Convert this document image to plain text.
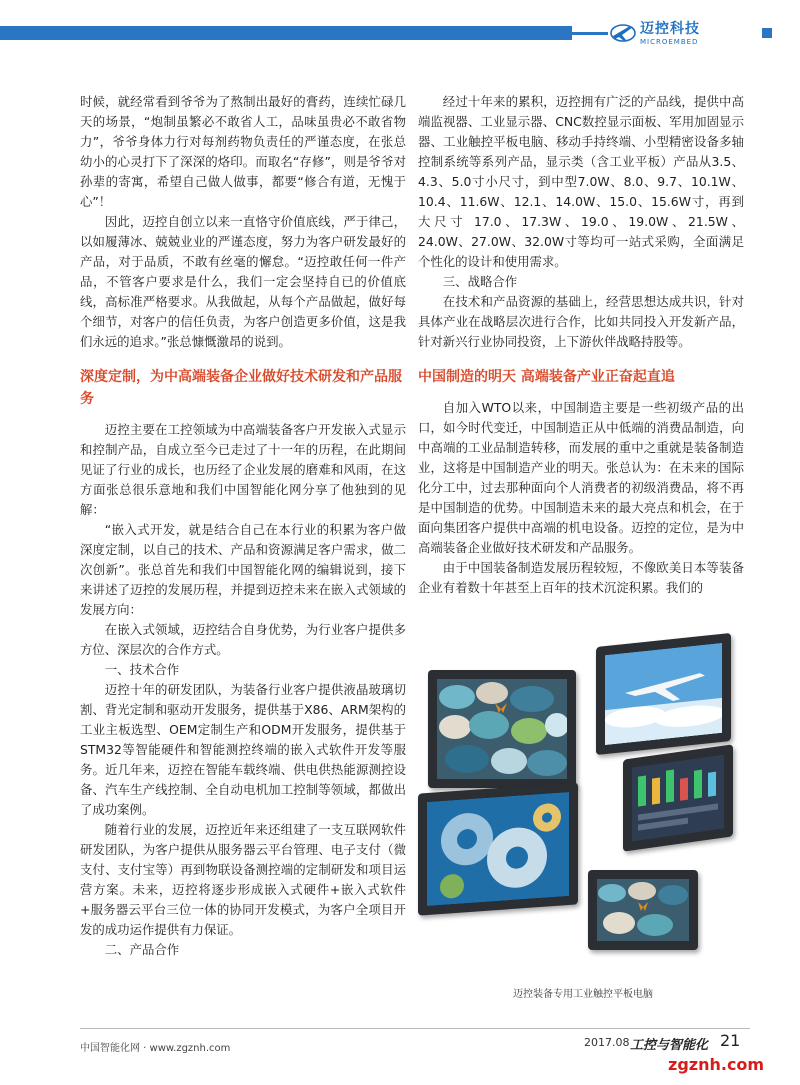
迈控科技
MICROEMBED

时候，就经常看到爷爷为了熬制出最好的膏药，连续忙碌几天的场景，“炮制虽繁必不敢省人工，品味虽贵必不敢省物力”，爷爷身体力行对每剂药物负责任的严谨态度，在张总幼小的心灵打下了深深的烙印。而取名“存修”，则是爷爷对孙辈的寄寓，希望自己做人做事，都要“修合有道，无愧于心”！

因此，迈控自创立以来一直恪守价值底线，严于律己，以如履薄冰、兢兢业业的严谨态度，努力为客户研发最好的产品，对于品质，不敢有丝毫的懈怠。“迈控敢任何一件产品，不管客户要求是什么，我们一定会坚持自已的价值底线，高标准严格要求。从我做起，从每个产品做起，做好每个细节，对客户的信任负责，为客户创造更多价值，这是我们永远的追求。”张总慷慨激昂的说到。

深度定制，为中高端装备企业做好技术研发和产品服务

迈控主要在工控领域为中高端装备客户开发嵌入式显示和控制产品，自成立至今已走过了十一年的历程，在此期间见证了行业的成长，也历经了企业发展的磨难和风雨，在这方面张总很乐意地和我们中国智能化网分享了他独到的见解：

“嵌入式开发，就是结合自己在本行业的积累为客户做深度定制，以自己的技术、产品和资源满足客户需求，做二次创新”。张总首先和我们中国智能化网的编辑说到，接下来讲述了迈控的发展历程，并提到迈控未来在嵌入式领域的发展方向：

在嵌入式领域，迈控结合自身优势，为行业客户提供多方位、深层次的合作方式。

一、技术合作

迈控十年的研发团队，为装备行业客户提供液晶玻璃切割、背光定制和驱动开发服务，提供基于X86、ARM架构的工业主板选型、OEM定制生产和ODM开发服务，提供基于STM32等智能硬件和智能测控终端的嵌入式软件开发等服务。近几年来，迈控在智能车载终端、供电供热能源测控设备、汽车生产线控制、全自动电机加工控制等领域，都做出了成功案例。

随着行业的发展，迈控近年来还组建了一支互联网软件研发团队，为客户提供从服务器云平台管理、电子支付（微支付、支付宝等）再到物联设备测控端的定制研发和项目运营方案。未来，迈控将逐步形成嵌入式硬件+嵌入式软件+服务器云平台三位一体的协同开发模式，为客户全项目开发的成功运作提供有力保证。

二、产品合作

经过十年来的累积，迈控拥有广泛的产品线，提供中高端监视器、工业显示器、CNC数控显示面板、军用加固显示器、工业触控平板电脑、移动手持终端、小型精密设备多轴控制系统等系列产品，显示类（含工业平板）产品从3.5、4.3、5.0寸小尺寸，到中型7.0W、8.0、9.7、10.1W、10.4、11.6W、12.1、14.0W、15.0、15.6W寸，再到大尺寸 17.0、17.3W、19.0、19.0W、21.5W、24.0W、27.0W、32.0W寸等均可一站式采购，全面满足个性化的设计和使用需求。

三、战略合作

在技术和产品资源的基础上，经营思想达成共识，针对具体产业在战略层次进行合作，比如共同投入开发新产品，针对新兴行业协同投资，上下游伙伴战略持股等。

中国制造的明天 高端装备产业正奋起直追

自加入WTO以来，中国制造主要是一些初级产品的出口，如今时代变迁，中国制造正从中低端的消费品制造，向中高端的工业品制造转移，而发展的重中之重就是装备制造业，这将是中国制造产业的明天。张总认为：在未来的国际化分工中，过去那种面向个人消费者的初级消费品，将不再是中国制造的优势。中国制造未来的最大亮点和机会，在于面向集团客户提供中高端的机电设备。迈控的定位，是为中高端装备企业做好技术研发和产品服务。

由于中国装备制造发展历程较短，不像欧美日本等装备企业有着数十年甚至上百年的技术沉淀积累。我们的

迈控装备专用工业触控平板电脑
中国智能化网 · www.zgznh.com	2017.08 工控与智能化 21
zgznh.com
